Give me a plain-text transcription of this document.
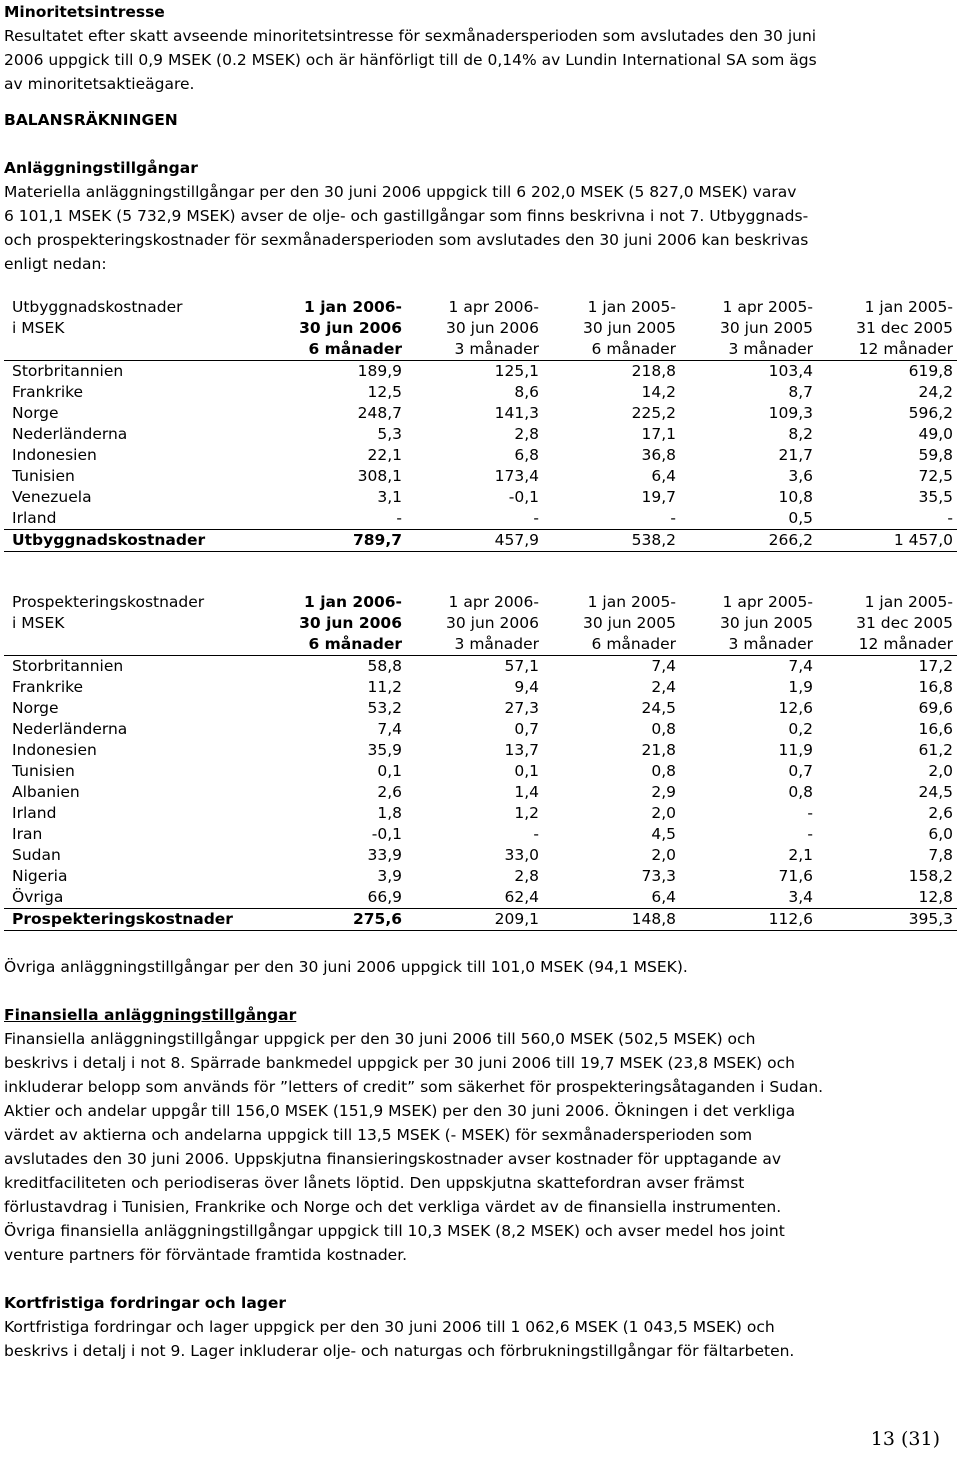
Minoritetsintresse
Resultatet efter skatt avseende minoritetsintresse för sexmånadersperioden som avslutades den 30 juni
2006 uppgick till 0,9 MSEK (0.2 MSEK) och är hänförligt till de 0,14% av Lundin International SA som ägs
av minoritetsaktieägare.
BALANSRÄKNINGEN
Anläggningstillgångar
Materiella anläggningstillgångar per den 30 juni 2006 uppgick till 6 202,0 MSEK (5 827,0 MSEK) varav
6 101,1 MSEK (5 732,9 MSEK) avser de olje- och gastillgångar som finns beskrivna i not 7. Utbyggnads-
och prospekteringskostnader för sexmånadersperioden som avslutades den 30 juni 2006 kan beskrivas
enligt nedan:
Utbyggnadskostnader	1 jan 2006-	1 apr 2006-	1 jan 2005-	1 apr 2005-	1 jan 2005-
i MSEK	30 jun 2006	30 jun 2006	30 jun 2005	30 jun 2005	31 dec 2005
	6 månader	3 månader	6 månader	3 månader	12 månader
Storbritannien	189,9	125,1	218,8	103,4	619,8
Frankrike	12,5	8,6	14,2	8,7	24,2
Norge	248,7	141,3	225,2	109,3	596,2
Nederländerna	5,3	2,8	17,1	8,2	49,0
Indonesien	22,1	6,8	36,8	21,7	59,8
Tunisien	308,1	173,4	6,4	3,6	72,5
Venezuela	3,1	-0,1	19,7	10,8	35,5
Irland	-	-	-	0,5	-
Utbyggnadskostnader	789,7	457,9	538,2	266,2	1 457,0
Prospekteringskostnader	1 jan 2006-	1 apr 2006-	1 jan 2005-	1 apr 2005-	1 jan 2005-
i MSEK	30 jun 2006	30 jun 2006	30 jun 2005	30 jun 2005	31 dec 2005
	6 månader	3 månader	6 månader	3 månader	12 månader
Storbritannien	58,8	57,1	7,4	7,4	17,2
Frankrike	11,2	9,4	2,4	1,9	16,8
Norge	53,2	27,3	24,5	12,6	69,6
Nederländerna	7,4	0,7	0,8	0,2	16,6
Indonesien	35,9	13,7	21,8	11,9	61,2
Tunisien	0,1	0,1	0,8	0,7	2,0
Albanien	2,6	1,4	2,9	0,8	24,5
Irland	1,8	1,2	2,0	-	2,6
Iran	-0,1	-	4,5	-	6,0
Sudan	33,9	33,0	2,0	2,1	7,8
Nigeria	3,9	2,8	73,3	71,6	158,2
Övriga	66,9	62,4	6,4	3,4	12,8
Prospekteringskostnader	275,6	209,1	148,8	112,6	395,3
Övriga anläggningstillgångar per den 30 juni 2006 uppgick till 101,0 MSEK (94,1 MSEK).
Finansiella anläggningstillgångar
Finansiella anläggningstillgångar uppgick per den 30 juni 2006 till 560,0 MSEK (502,5 MSEK) och
beskrivs i detalj i not 8. Spärrade bankmedel uppgick per 30 juni 2006 till 19,7 MSEK (23,8 MSEK) och
inkluderar belopp som används för ”letters of credit” som säkerhet för prospekteringsåtaganden i Sudan.
Aktier och andelar uppgår till 156,0 MSEK (151,9 MSEK) per den 30 juni 2006. Ökningen i det verkliga
värdet av aktierna och andelarna uppgick till 13,5 MSEK (- MSEK) för sexmånadersperioden som
avslutades den 30 juni 2006. Uppskjutna finansieringskostnader avser kostnader för upptagande av
kreditfaciliteten och periodiseras över lånets löptid. Den uppskjutna skattefordran avser främst
förlustavdrag i Tunisien, Frankrike och Norge och det verkliga värdet av de finansiella instrumenten.
Övriga finansiella anläggningstillgångar uppgick till 10,3 MSEK (8,2 MSEK) och avser medel hos joint
venture partners för förväntade framtida kostnader.
Kortfristiga fordringar och lager
Kortfristiga fordringar och lager uppgick per den 30 juni 2006 till 1 062,6 MSEK (1 043,5 MSEK) och
beskrivs i detalj i not 9. Lager inkluderar olje- och naturgas och förbrukningstillgångar för fältarbeten.
13 (31)
